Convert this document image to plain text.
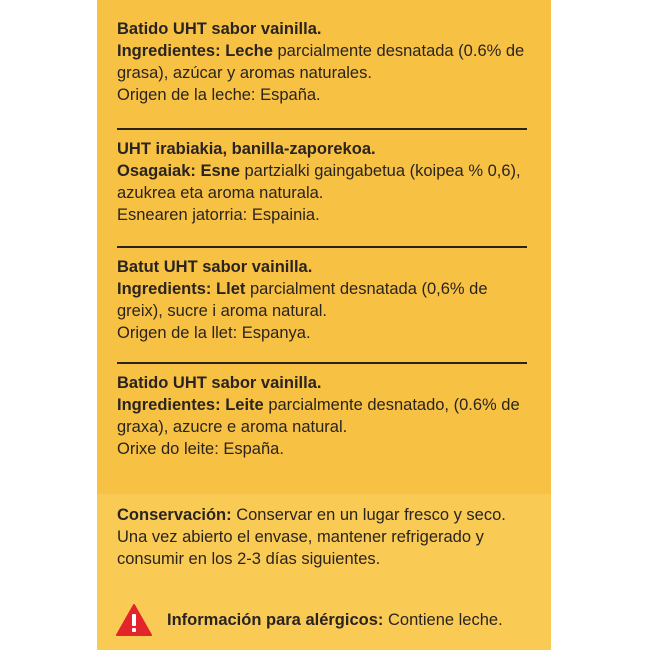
Batido UHT sabor vainilla.

Ingredientes: Leche parcialmente desnatada (0.6% de grasa), azúcar y aromas naturales.

Origen de la leche: España.

UHT irabiakia, banilla-zaporekoa.

Osagaiak: Esne partzialki gaingabetua (koipea % 0,6), azukrea eta aroma naturala.

Esnearen jatorria: Espainia.

Batut UHT sabor vainilla.

Ingredients: Llet parcialment desnatada (0,6% de greix), sucre i aroma natural.

Origen de la llet: Espanya.

Batido UHT sabor vainilla.

Ingredientes: Leite parcialmente desnatado, (0.6% de graxa), azucre e aroma natural.

Orixe do leite: España.

Conservación: Conservar en un lugar fresco y seco. Una vez abierto el envase, mantener refrigerado y consumir en los 2-3 días siguientes.

Información para alérgicos: Contiene leche.
